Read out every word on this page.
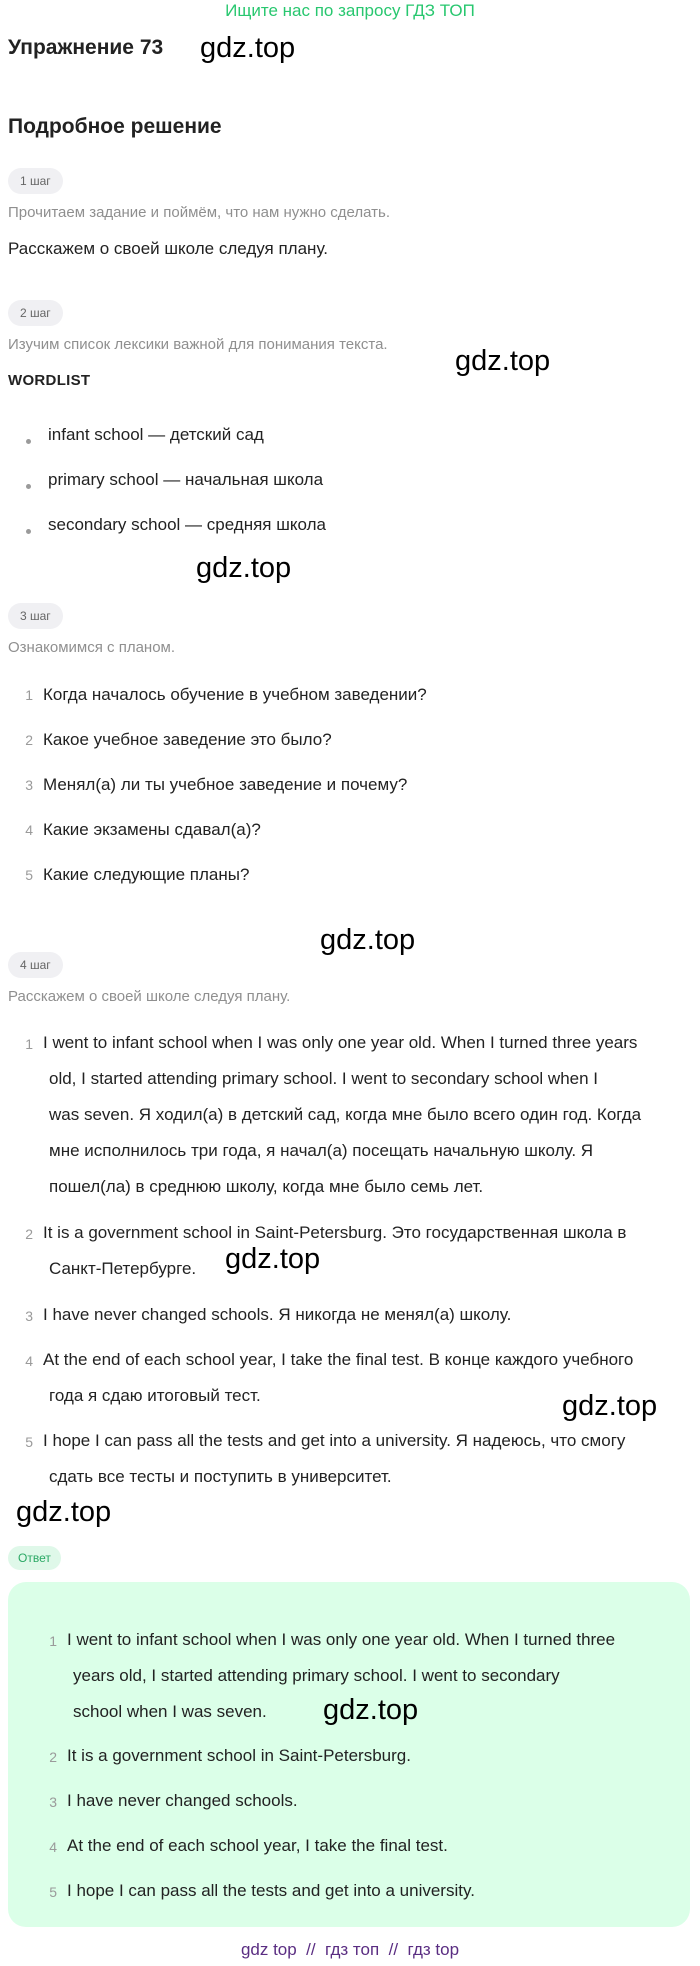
Ищите нас по запросу ГДЗ ТОП
Упражнение 73 gdz.top
Подробное решение
1 шаг
Прочитаем задание и поймём, что нам нужно сделать.
Расскажем о своей школе следуя плану.
2 шаг
Изучим список лексики важной для понимания текста.
gdz.top
WORDLIST
infant school — детский сад
primary school — начальная школа
secondary school — средняя школа
gdz.top
3 шаг
Ознакомимся с планом.
1 Когда началось обучение в учебном заведении?
2 Какое учебное заведение это было?
3 Менял(а) ли ты учебное заведение и почему?
4 Какие экзамены сдавал(а)?
5 Какие следующие планы?
gdz.top
4 шаг
Расскажем о своей школе следуя плану.
1 I went to infant school when I was only one year old. When I turned three years
old, I started attending primary school. I went to secondary school when I
was seven. Я ходил(а) в детский сад, когда мне было всего один год. Когда
мне исполнилось три года, я начал(а) посещать начальную школу. Я
пошел(ла) в среднюю школу, когда мне было семь лет.
2 It is a government school in Saint-Petersburg. Это государственная школа в
Санкт-Петербурге. gdz.top
3 I have never changed schools. Я никогда не менял(а) школу.
4 At the end of each school year, I take the final test. В конце каждого учебного
года я сдаю итоговый тест.	gdz.top
5 I hope I can pass all the tests and get into a university. Я надеюсь, что смогу
сдать все тесты и поступить в университет.
gdz.top
Ответ
1 I went to infant school when I was only one year old. When I turned three
years old, I started attending primary school. I went to secondary
school when I was seven.	gdz.top
2 It is a government school in Saint-Petersburg.
3 I have never changed schools.
4 At the end of each school year, I take the final test.
5 I hope I can pass all the tests and get into a university.
gdz top  //  гдз топ  //  гдз top
